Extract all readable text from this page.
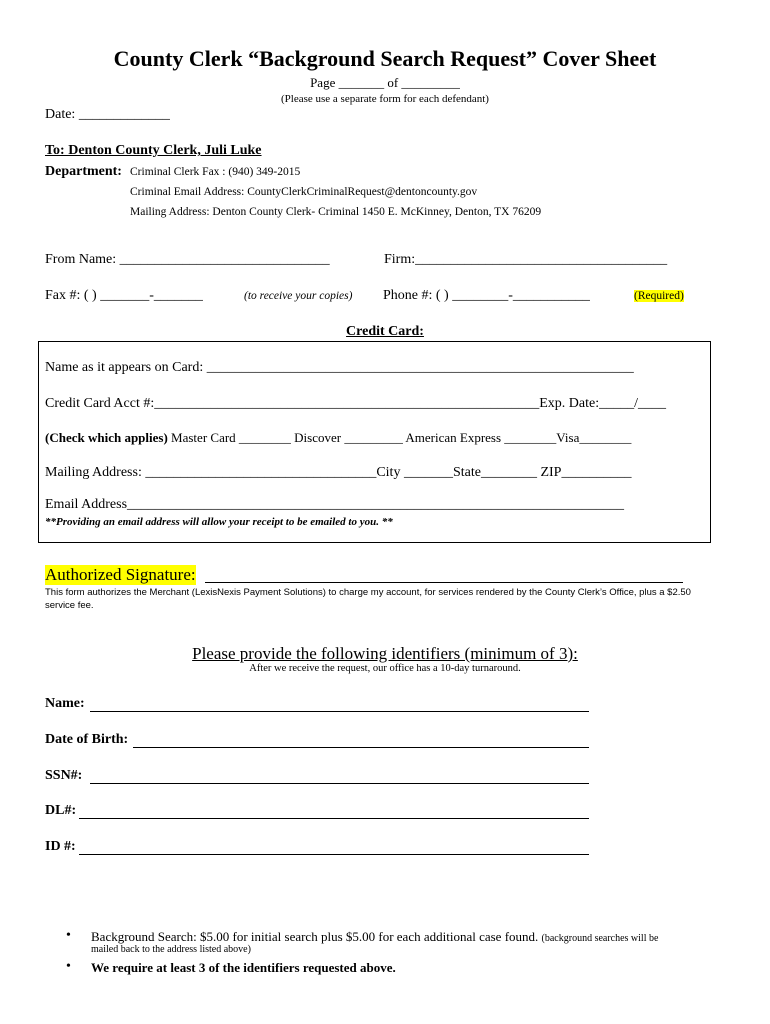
County Clerk “Background Search Request” Cover Sheet
Page _______ of _________
(Please use a separate form for each defendant)
Date: _____________
To: Denton County Clerk, Juli Luke
Department: Criminal Clerk Fax : (940) 349-2015
Criminal Email Address: CountyClerkCriminalRequest@dentoncounty.gov
Mailing Address: Denton County Clerk- Criminal 1450 E. McKinney, Denton, TX 76209
From Name: ______________________________	Firm:____________________________________
Fax #: ( ) _______-_______	(to receive your copies) Phone #: ( ) ________-___________	(Required)
Credit Card:
Name as it appears on Card: _____________________________________________________________
Credit Card Acct #:_______________________________________________________Exp. Date:_____/____
(Check which applies) Master Card ________ Discover _________ American Express ________Visa________
Mailing Address: _________________________________City _______State________ ZIP__________
Email Address_______________________________________________________________________
**Providing an email address will allow your receipt to be emailed to you. **
Authorized Signature:
This form authorizes the Merchant (LexisNexis Payment Solutions) to charge my account, for services rendered by the County Clerk’s Office, plus a $2.50 service fee.
Please provide the following identifiers (minimum of 3):
After we receive the request, our office has a 10-day turnaround.
Name:
Date of Birth:
SSN#:
DL#:
ID #:
• Background Search: $5.00 for initial search plus $5.00 for each additional case found. (background searches will be
mailed back to the address listed above)
• We require at least 3 of the identifiers requested above.
